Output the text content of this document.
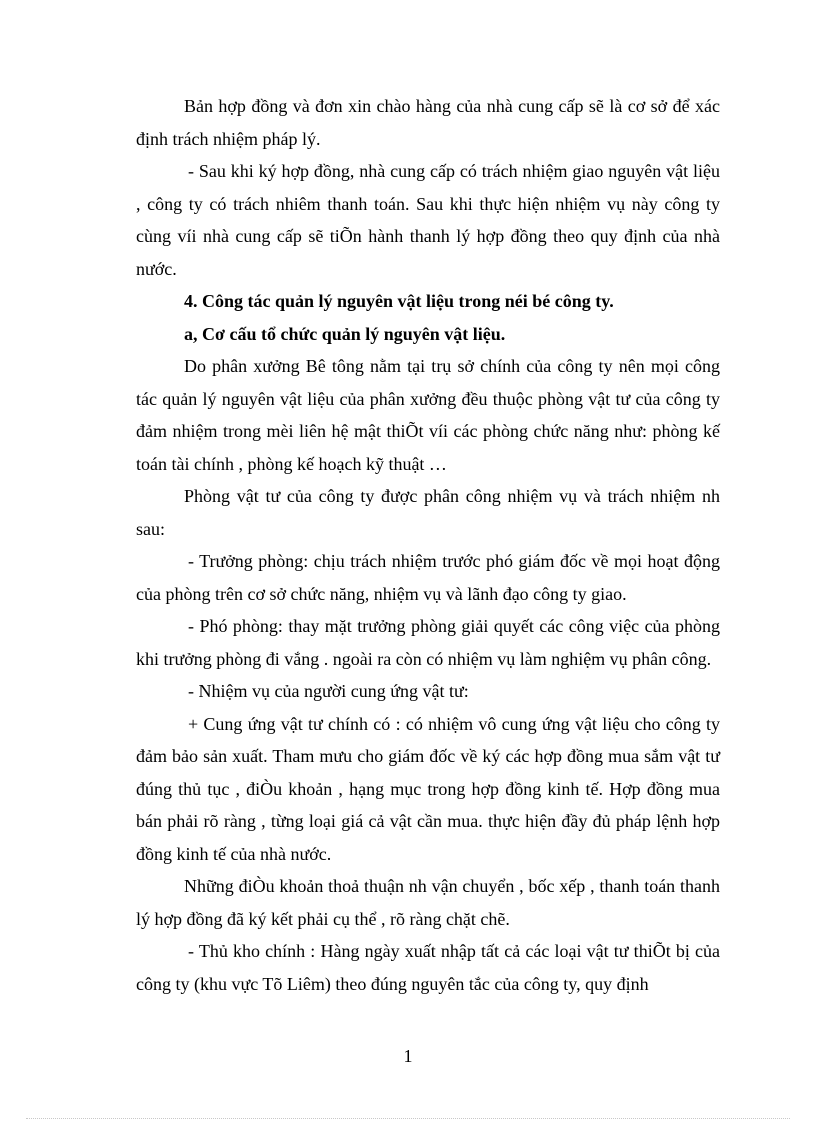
Bản hợp đồng và đơn xin chào hàng của nhà cung cấp sẽ là cơ sở để xác định trách nhiệm pháp lý.

- Sau khi ký hợp đồng, nhà cung cấp có trách nhiệm giao nguyên vật liệu , công ty có trách nhiêm thanh toán. Sau khi thực hiện nhiệm vụ này công ty cùng víi nhà cung cấp sẽ tiÕn hành thanh lý hợp đồng theo quy định của nhà nước.

4. Công tác quản lý nguyên vật liệu trong néi bé công ty.

a, Cơ cấu tổ chức quản lý nguyên vật liệu.

Do phân xưởng Bê tông nằm tại trụ sở chính của công ty nên mọi công tác quản lý nguyên vật liệu của phân xưởng đều thuộc phòng vật tư của công ty đảm nhiệm trong mèi liên hệ mật thiÕt víi các phòng chức năng như: phòng kế toán tài chính , phòng kế hoạch kỹ thuật …

Phòng vật tư của công ty được phân công nhiệm vụ và trách nhiệm nh sau:

- Trưởng phòng: chịu trách nhiệm trước phó giám đốc về mọi hoạt động của phòng trên cơ sở chức năng, nhiệm vụ và lãnh đạo công ty giao.

- Phó phòng: thay mặt trưởng phòng giải quyết các công việc của phòng khi trưởng phòng đi vắng . ngoài ra còn có nhiệm vụ làm nghiệm vụ phân công.

- Nhiệm vụ của người cung ứng vật tư:

+ Cung ứng vật tư chính có : có nhiệm vô cung ứng vật liệu cho công ty đảm bảo sản xuất. Tham mưu cho giám đốc về ký các hợp đồng mua sắm vật tư đúng thủ tục , điÒu khoản , hạng mục trong hợp đồng kinh tế. Hợp đồng mua bán phải rõ ràng , từng loại giá cả vật cần mua. thực hiện đầy đủ pháp lệnh hợp đồng kinh tế của nhà nước.

Những điÒu khoản thoả thuận nh vận chuyển , bốc xếp , thanh toán thanh lý hợp đồng đã ký kết phải cụ thể , rõ ràng chặt chẽ.

- Thủ kho chính : Hàng ngày xuất nhập tất cả các loại vật tư thiÕt bị của công ty (khu vực Tõ Liêm) theo đúng nguyên tắc của công ty, quy định

1
